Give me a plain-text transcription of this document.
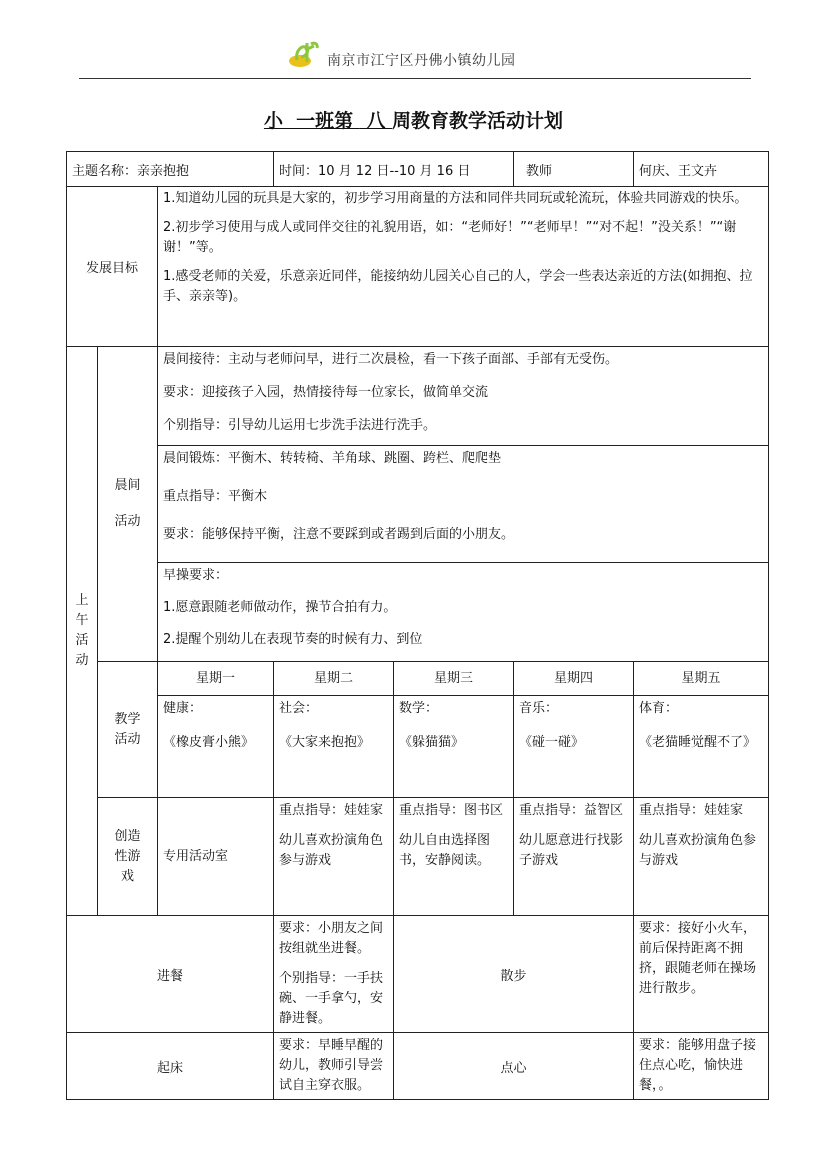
南京市江宁区丹佛小镇幼儿园
小  一班第  八 周教育教学活动计划
主题名称：亲亲抱抱			时间：10 月 12 日--10 月 16 日		教师	何庆、王文卉
发展目标		1.知道幼儿园的玩具是大家的，初步学习用商量的方法和同伴共同玩或轮流玩，体验共同游戏的快乐。
2.初步学习使用与成人或同伴交往的礼貌用语，如：“老师好！”“老师早！”“对不起！”没关系！”“谢谢！”等。
1.感受老师的关爱，乐意亲近同伴，能接纳幼儿园关心自己的人，学会一些表达亲近的方法(如拥抱、拉手、亲亲等)。				

上午活动	晨间活动	晨间接待：主动与老师问早，进行二次晨检，看一下孩子面部、手部有无受伤。
要求：迎接孩子入园，热情接待每一位家长，做简单交流
个别指导：引导幼儿运用七步洗手法进行洗手。				

		晨间锻炼：平衡木、转转椅、羊角球、跳圈、跨栏、爬爬垫
重点指导：平衡木
要求：能够保持平衡，注意不要踩到或者踢到后面的小朋友。				

		早操要求：
1.愿意跟随老师做动作，操节合拍有力。
2.提醒个别幼儿在表现节奏的时候有力、到位				

	教学活动	星期一	星期二	星期三	星期四	星期五

		健康：
《橡皮膏小熊》	社会：
《大家来抱抱》	数学：
《躲猫猫》	音乐：
《碰一碰》	体育：
《老猫睡觉醒不了》

	创造性游戏	专用活动室	重点指导：娃娃家
幼儿喜欢扮演角色参与游戏	重点指导：图书区
幼儿自由选择图书，安静阅读。	重点指导：益智区
幼儿愿意进行找影子游戏	重点指导：娃娃家
幼儿喜欢扮演角色参与游戏

进餐			要求：小朋友之间按组就坐进餐。
个别指导：一手扶碗、一手拿勺，安静进餐。	散步		要求：接好小火车，前后保持距离不拥挤，跟随老师在操场进行散步。
起床			要求：早睡早醒的幼儿，教师引导尝试自主穿衣服。	点心		要求：能够用盘子接住点心吃，愉快进餐，。
